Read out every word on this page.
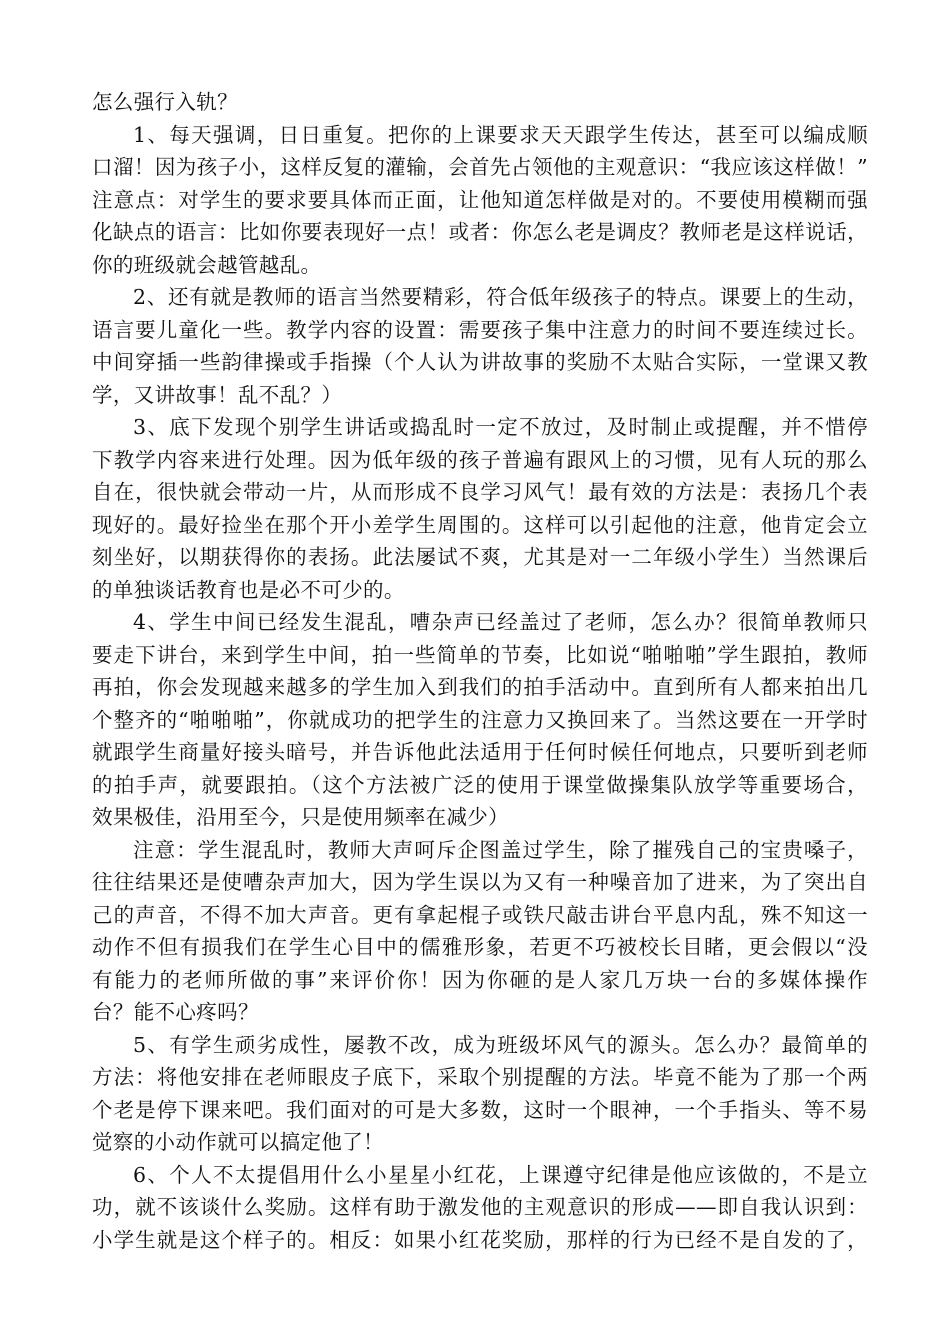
怎么强行入轨？
1、每天强调，日日重复。把你的上课要求天天跟学生传达，甚至可以编成顺
口溜！因为孩子小，这样反复的灌输，会首先占领他的主观意识：“我应该这样做！”
注意点：对学生的要求要具体而正面，让他知道怎样做是对的。不要使用模糊而强
化缺点的语言：比如你要表现好一点！或者：你怎么老是调皮？教师老是这样说话，
你的班级就会越管越乱。
2、还有就是教师的语言当然要精彩，符合低年级孩子的特点。课要上的生动，
语言要儿童化一些。教学内容的设置：需要孩子集中注意力的时间不要连续过长。
中间穿插一些韵律操或手指操（个人认为讲故事的奖励不太贴合实际，一堂课又教
学，又讲故事！乱不乱？）
3、底下发现个别学生讲话或捣乱时一定不放过，及时制止或提醒，并不惜停
下教学内容来进行处理。因为低年级的孩子普遍有跟风上的习惯，见有人玩的那么
自在，很快就会带动一片，从而形成不良学习风气！最有效的方法是：表扬几个表
现好的。最好捡坐在那个开小差学生周围的。这样可以引起他的注意，他肯定会立
刻坐好，以期获得你的表扬。此法屡试不爽，尤其是对一二年级小学生）当然课后
的单独谈话教育也是必不可少的。
4、学生中间已经发生混乱，嘈杂声已经盖过了老师，怎么办？很简单教师只
要走下讲台，来到学生中间，拍一些简单的节奏，比如说“啪啪啪”学生跟拍，教师
再拍，你会发现越来越多的学生加入到我们的拍手活动中。直到所有人都来拍出几
个整齐的“啪啪啪”，你就成功的把学生的注意力又换回来了。当然这要在一开学时
就跟学生商量好接头暗号，并告诉他此法适用于任何时候任何地点，只要听到老师
的拍手声，就要跟拍。（这个方法被广泛的使用于课堂做操集队放学等重要场合，
效果极佳，沿用至今，只是使用频率在减少）
注意：学生混乱时，教师大声呵斥企图盖过学生，除了摧残自己的宝贵嗓子，
往往结果还是使嘈杂声加大，因为学生误以为又有一种噪音加了进来，为了突出自
己的声音，不得不加大声音。更有拿起棍子或铁尺敲击讲台平息内乱，殊不知这一
动作不但有损我们在学生心目中的儒雅形象，若更不巧被校长目睹，更会假以“没
有能力的老师所做的事”来评价你！因为你砸的是人家几万块一台的多媒体操作
台？能不心疼吗？
5、有学生顽劣成性，屡教不改，成为班级坏风气的源头。怎么办？最简单的
方法：将他安排在老师眼皮子底下，采取个别提醒的方法。毕竟不能为了那一个两
个老是停下课来吧。我们面对的可是大多数，这时一个眼神，一个手指头、等不易
觉察的小动作就可以搞定他了！
6、个人不太提倡用什么小星星小红花，上课遵守纪律是他应该做的，不是立
功，就不该谈什么奖励。这样有助于激发他的主观意识的形成——即自我认识到：
小学生就是这个样子的。相反：如果小红花奖励，那样的行为已经不是自发的了，
